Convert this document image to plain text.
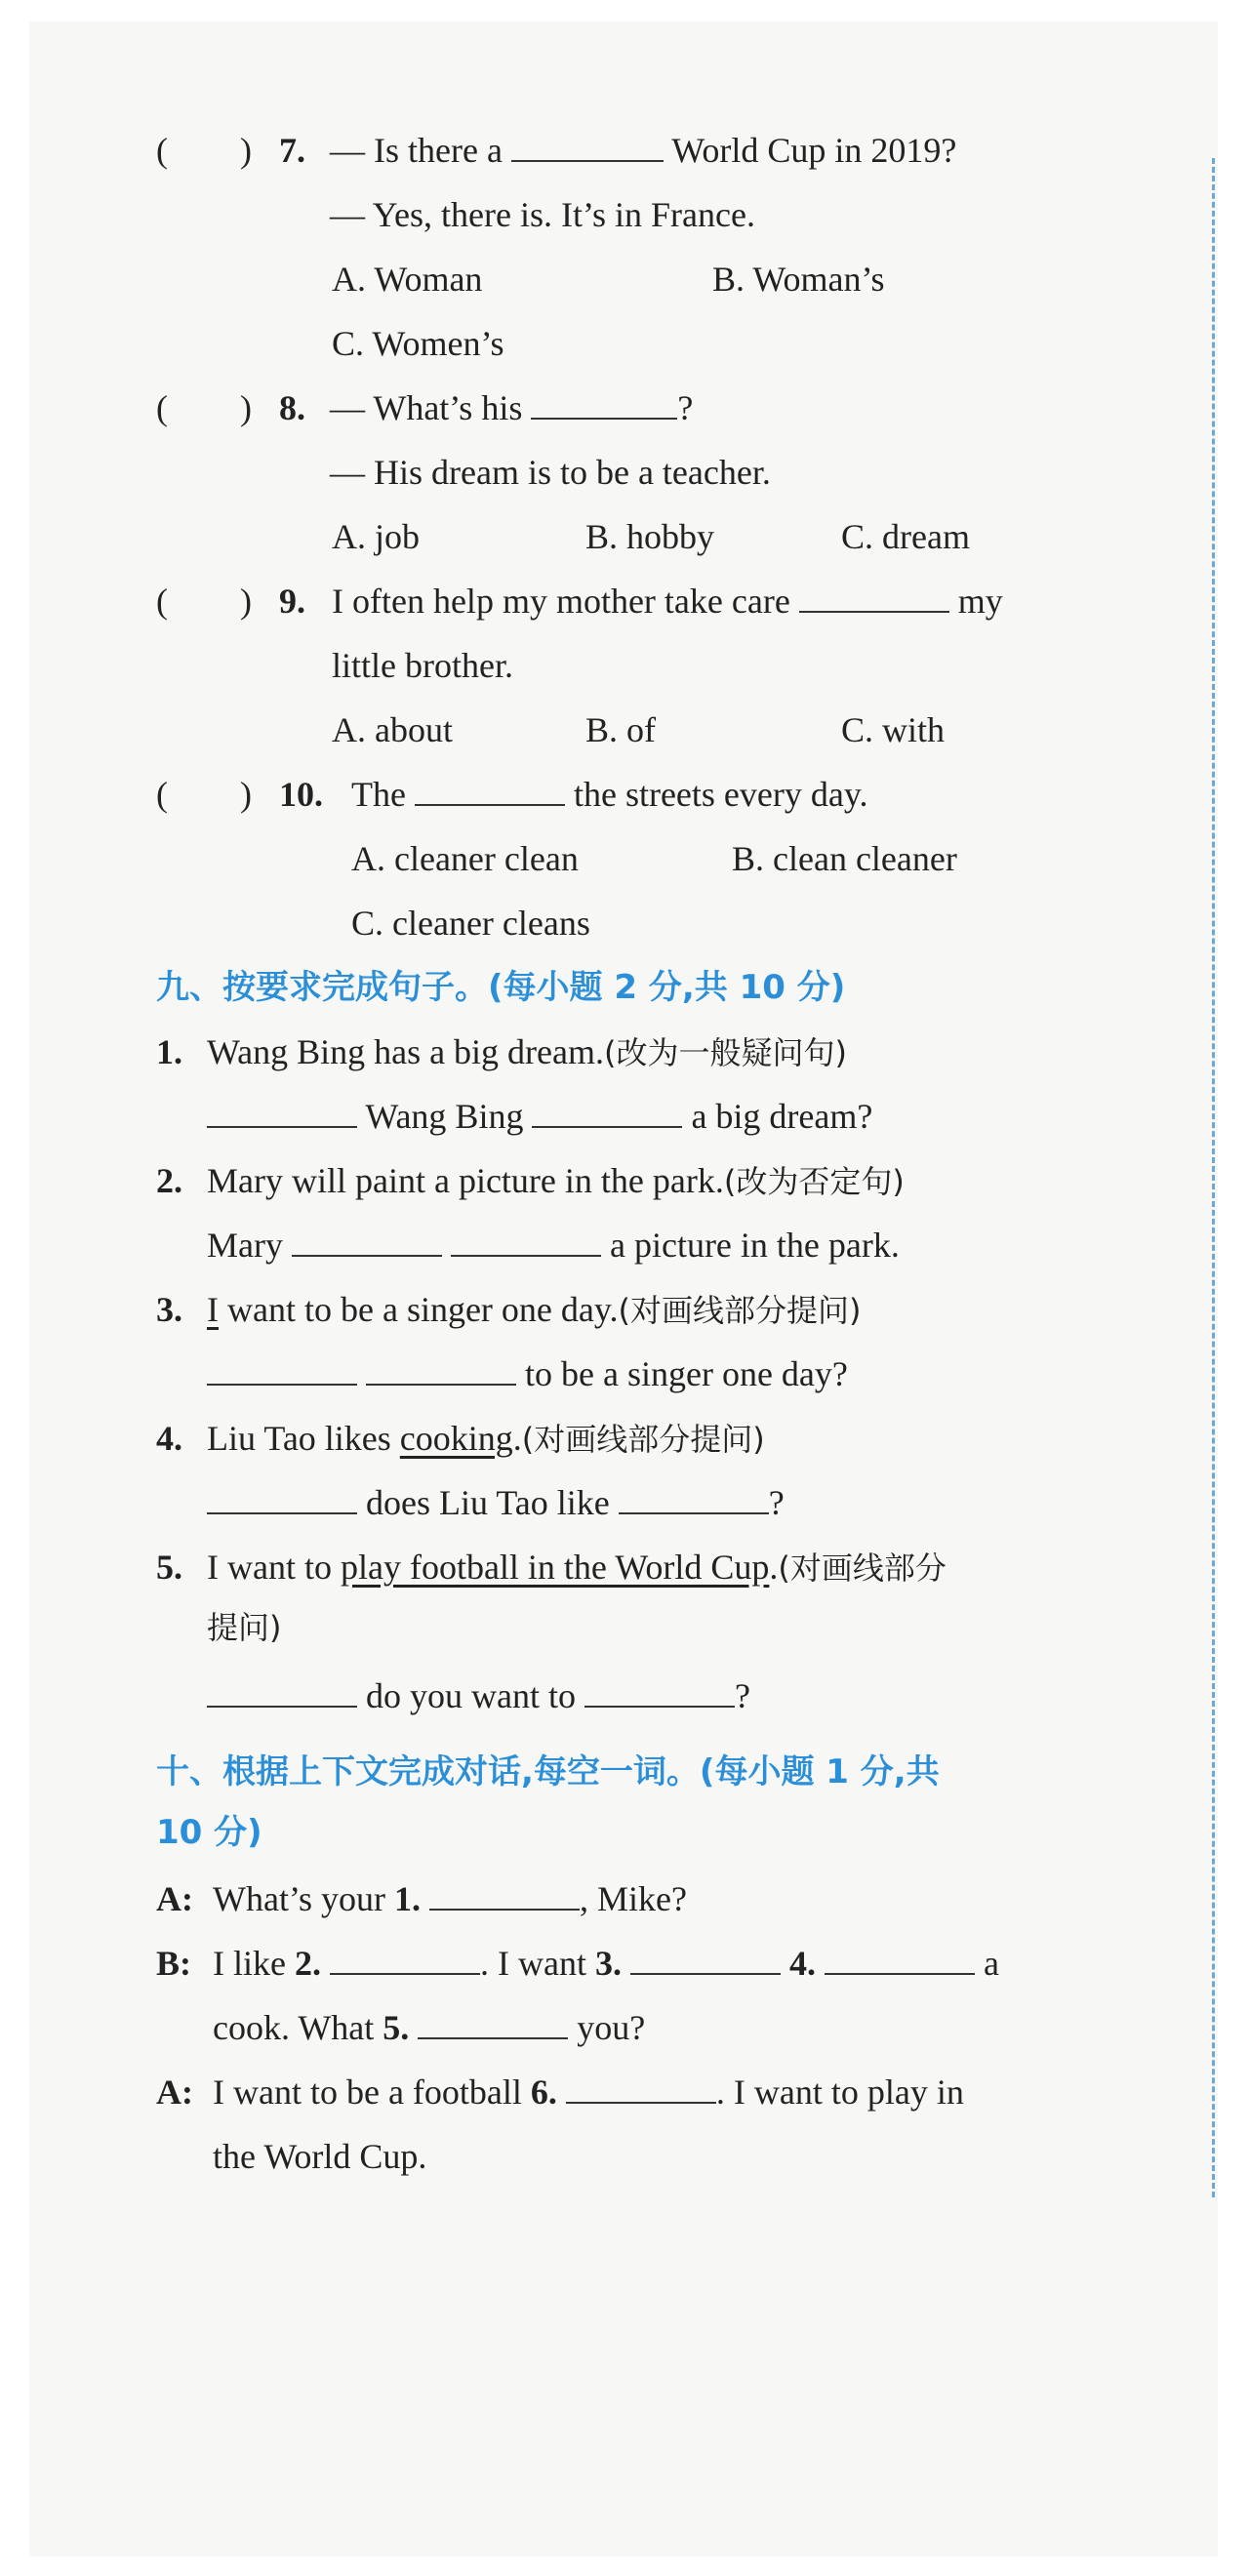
( ) 7. — Is there a	World Cup in 2019?
— Yes, there is. It’s in France.
A. Woman	B. Woman’s
C. Women’s
( ) 8. — What’s his	?
— His dream is to be a teacher.
A. job	B. hobby	C. dream
( ) 9. I often help my mother take care	my
little brother.
A. about	B. of	C. with
( ) 10. The	the streets every day.
A. cleaner clean	B. clean cleaner
C. cleaner cleans
九、按要求完成句子。(每小题 2 分,共 10 分)
1. Wang Bing has a big dream.(改为一般疑问句)
Wang Bing	a big dream?
2. Mary will paint a picture in the park.(改为否定句)
Mary	a picture in the park.
3. I want to be a singer one day.(对画线部分提问)
to be a singer one day?
4. Liu Tao likes cooking.(对画线部分提问)
does Liu Tao like	?
5. I want to play football in the World Cup.(对画线部分
提问)
do you want to	?
十、根据上下文完成对话,每空一词。(每小题 1 分,共
10 分)
A: What’s your 1.	, Mike?
B: I like 2.	. I want 3.	4.	a
cook. What 5.	you?
A: I want to be a football 6.	. I want to play in
the World Cup.
